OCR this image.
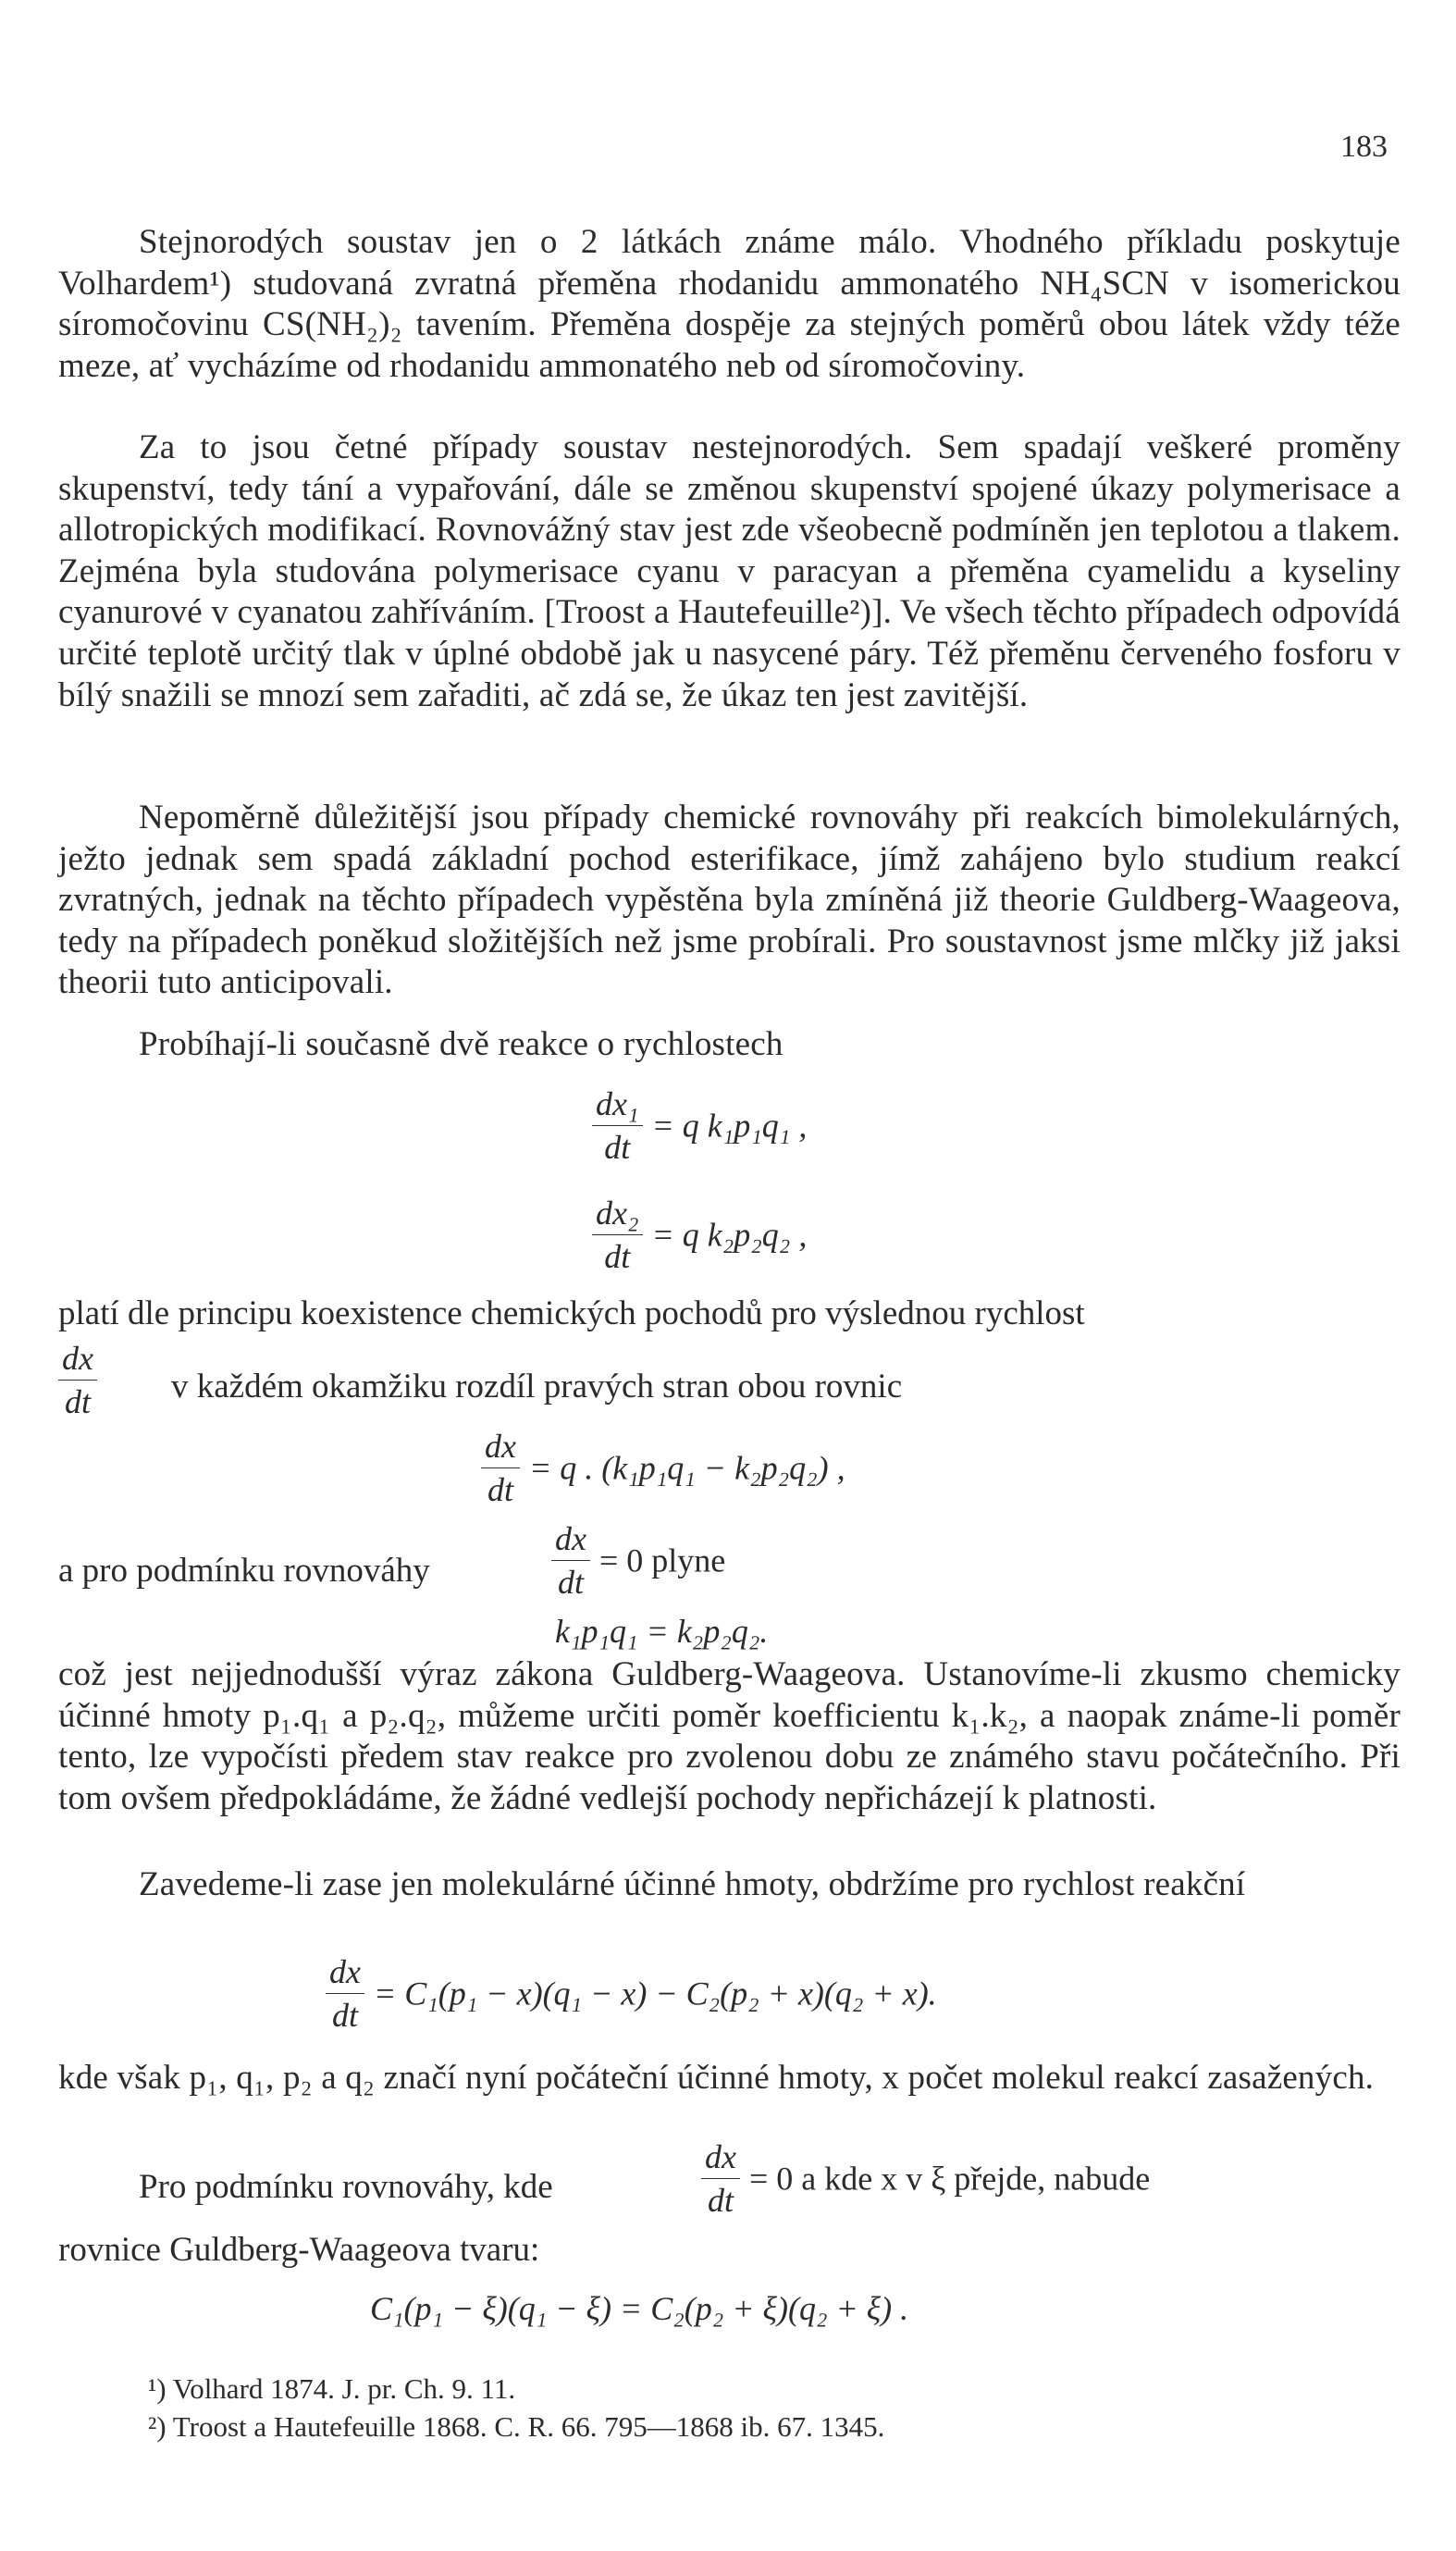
183
Stejnorodých soustav jen o 2 látkách známe málo. Vhodného příkladu poskytuje Volhardem¹) studovaná zvratná přeměna rhodanidu ammonatého NH₄SCN v isomerickou síromočovinu CS(NH₂)₂ tavením. Přeměna dospěje za stejných poměrů obou látek vždy téže meze, ať vycházíme od rhodanidu ammonatého neb od síromočoviny.
Za to jsou četné případy soustav nestejnorodých. Sem spadají veškeré proměny skupenství, tedy tání a vypařování, dále se změnou skupenství spojené úkazy polymerisace a allotropických modifikací. Rovnovážný stav jest zde všeobecně podmíněn jen teplotou a tlakem. Zejména byla studována polymerisace cyanu v paracyan a přeměna cyamelidu a kyseliny cyanurové v cyanatou zahříváním. [Troost a Hautefeuille²)]. Ve všech těchto případech odpovídá určité teplotě určitý tlak v úplné obdobě jak u nasycené páry. Též přeměnu červeného fosforu v bílý snažili se mnozí sem zařaditi, ač zdá se, že úkaz ten jest zavitější.
Nepoměrně důležitější jsou případy chemické rovnováhy při reakcích bimolekulárných, ježto jednak sem spadá základní pochod esterifikace, jímž zahájeno bylo studium reakcí zvratných, jednak na těchto případech vypěstěna byla zmíněná již theorie Guldberg-Waageova, tedy na případech poněkud složitějších než jsme probírali. Pro soustavnost jsme mlčky již jaksi theorii tuto anticipovali.
Probíhají-li současně dvě reakce o rychlostech
$\frac{\text{dx₁}}{dt} = q$ k₁p₁q₁ ,
$\frac{\text{dx₂}}{dt} = q$ k₂p₂q₂ ,
platí dle principu koexistence chemických pochodů pro výslednou rychlost
$\frac{dx}{dt}$ v každém okamžiku rozdíl pravých stran obou rovnic
$\frac{dx}{dt} = q$ . (k₁p₁q₁ − k₂p₂q₂) ,
a pro podmínku rovnováhy	$\frac{dx}{dt} = 0$ plyne
k₁p₁q₁ = k₂p₂q₂.
což jest nejjednodušší výraz zákona Guldberg-Waageova. Ustanovíme-li zkusmo chemicky účinné hmoty p₁.q₁ a p₂.q₂, můžeme určiti poměr koefficientu k₁.k₂, a naopak známe-li poměr tento, lze vypočísti předem stav reakce pro zvolenou dobu ze známého stavu počátečního. Při tom ovšem předpokládáme, že žádné vedlejší pochody nepřicházejí k platnosti.
Zavedeme-li zase jen molekulárné účinné hmoty, obdržíme pro rychlost reakční
$\frac{dx}{dt} = C_1(p_1 - x)(q_1 - x) - C_2(p_2 + x)(q_2 + x)$.
kde však p₁, q₁, p₂ a q₂ značí nyní počáteční účinné hmoty, x počet molekul reakcí zasažených.
Pro podmínku rovnováhy, kde	$\frac{dx}{dt} = 0$ a kde x v ξ přejde, nabude
rovnice Guldberg-Waageova tvaru:
C₁(p₁ − ξ)(q₁ − ξ) = C₂(p₂ + ξ)(q₂ + ξ) .
¹) Volhard 1874. J. pr. Ch. 9. 11.
²) Troost a Hautefeuille 1868. C. R. 66. 795—1868 ib. 67. 1345.
